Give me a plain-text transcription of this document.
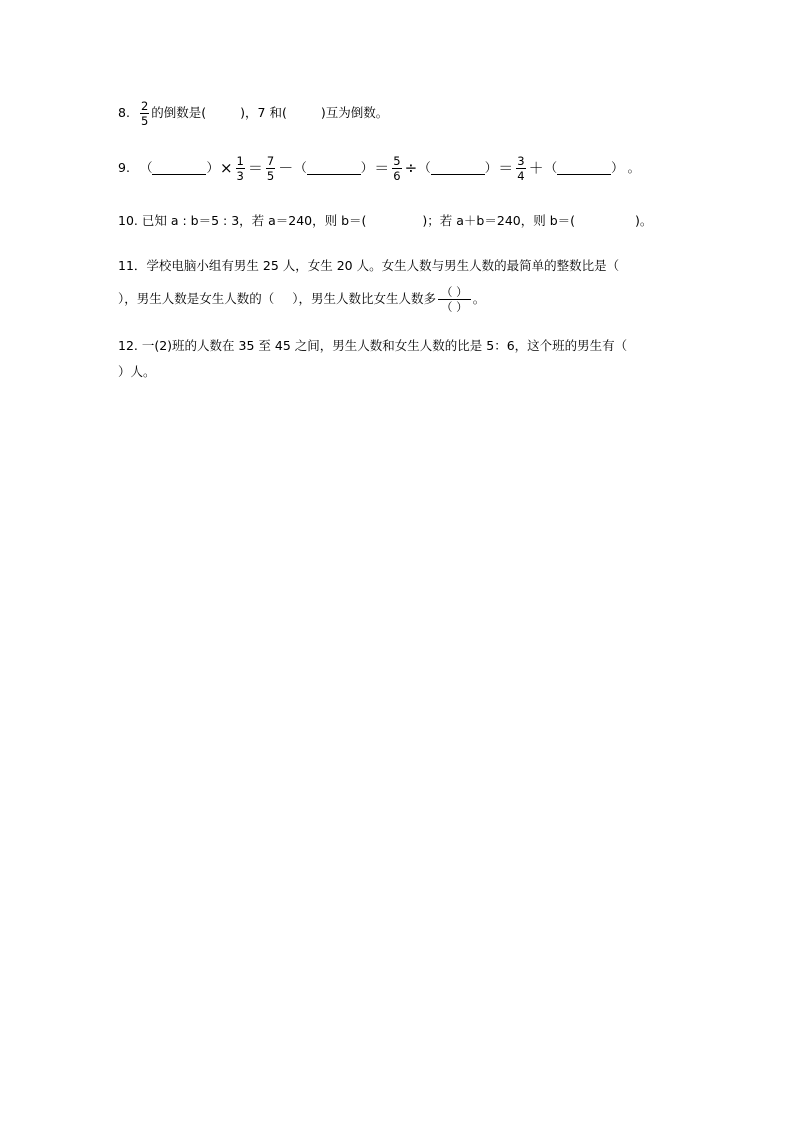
8. $\frac{2}{5}$ 的倒数是(	)，7 和(	)互为倒数。
9. （	） × $\frac{1}{3} = \frac{7}{5}$ － （	） ＝ $\frac{5}{6}$ ÷ （	） ＝ $\frac{3}{4}$ ＋ （	） 。
10. 已知 a : b＝5 : 3，若 a＝240，则 b＝(	)；若 a＋b＝240，则 b＝(	)。
11．学校电脑小组有男生 25 人，女生 20 人。女生人数与男生人数的最简单的整数比是（
），男生人数是女生人数的（ ），男生人数比女生人数多 $\frac{( )}{( )}$ 。
12. 一(2)班的人数在 35 至 45 之间，男生人数和女生人数的比是 5：6，这个班的男生有（
）人。
